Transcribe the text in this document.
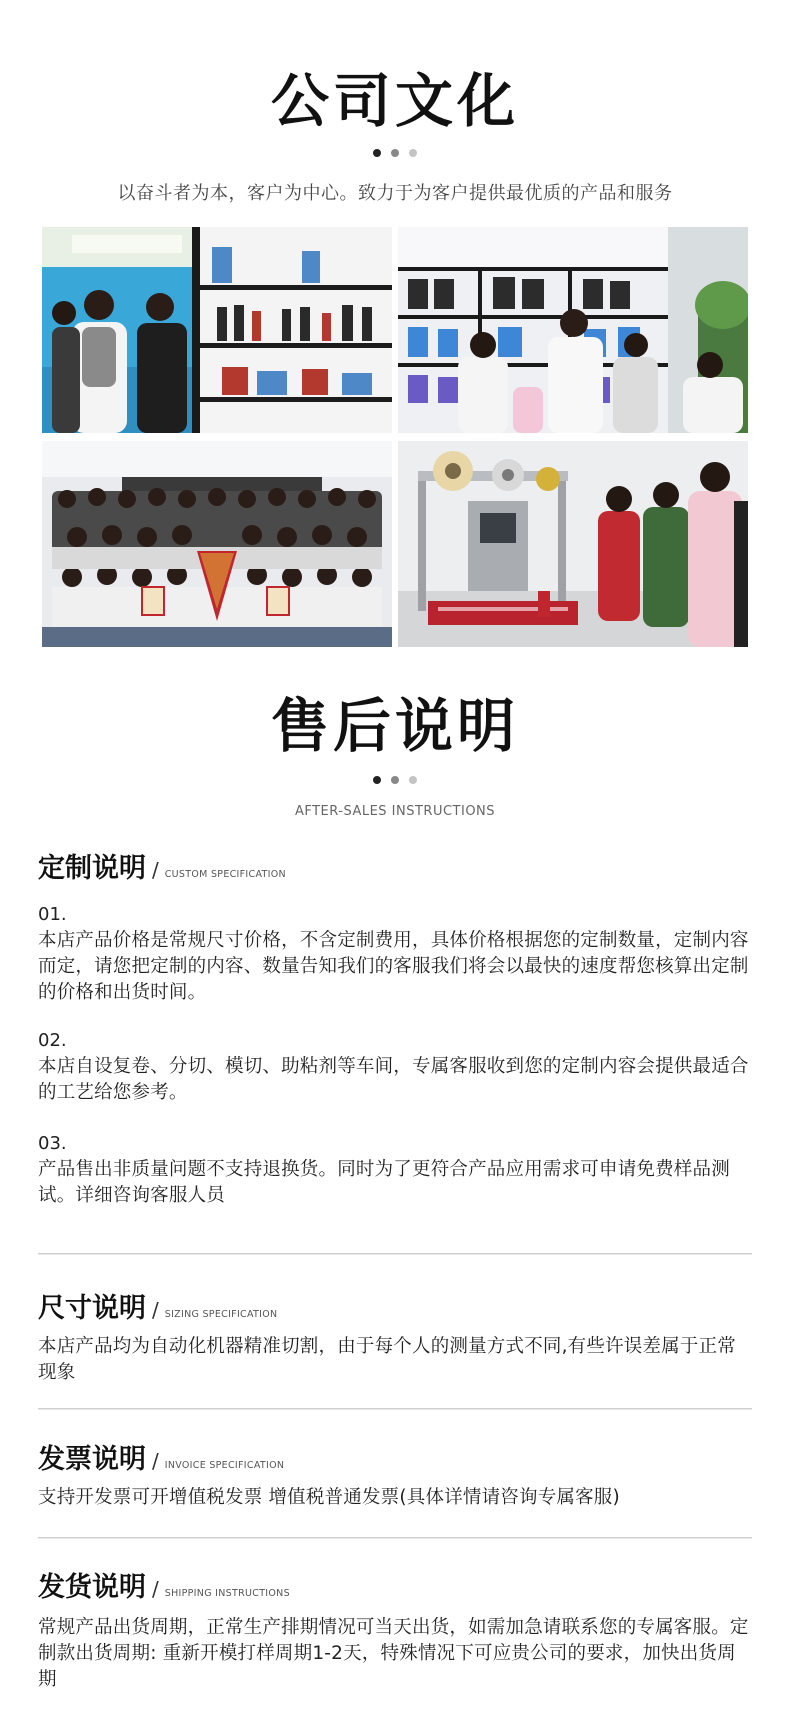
公司文化

以奋斗者为本，客户为中心。致力于为客户提供最优质的产品和服务
售后说明

AFTER-SALES INSTRUCTIONS
定制说明 / CUSTOM SPECIFICATION
01.
本店产品价格是常规尺寸价格，不含定制费用，具体价格根据您的定制数量，定制内容而定，请您把定制的内容、数量告知我们的客服我们将会以最快的速度帮您核算出定制的价格和出货时间。
02.
本店自设复卷、分切、模切、助粘剂等车间，专属客服收到您的定制内容会提供最适合的工艺给您参考。
03.
产品售出非质量问题不支持退换货。同时为了更符合产品应用需求可申请免费样品测试。详细咨询客服人员
尺寸说明 / SIZING SPECIFICATION
本店产品均为自动化机器精准切割，由于每个人的测量方式不同,有些许误差属于正常现象
发票说明 / INVOICE SPECIFICATION
支持开发票可开增值税发票 增值税普通发票(具体详情请咨询专属客服)
发货说明 / SHIPPING INSTRUCTIONS
常规产品出货周期，正常生产排期情况可当天出货，如需加急请联系您的专属客服。定制款出货周期: 重新开模打样周期1-2天，特殊情况下可应贵公司的要求，加快出货周期
